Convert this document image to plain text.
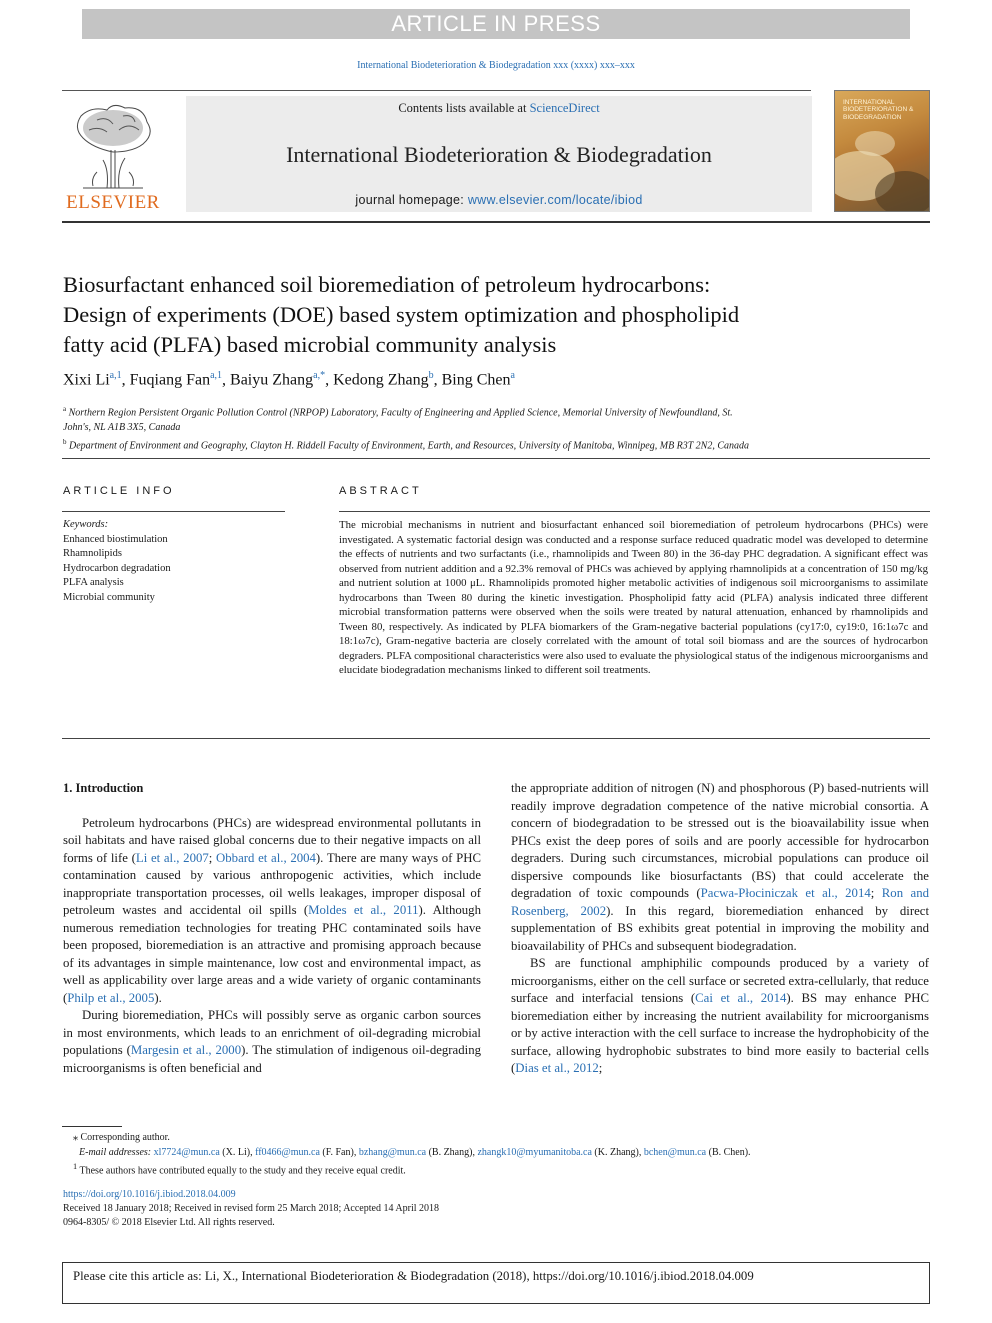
ARTICLE IN PRESS
International Biodeterioration & Biodegradation xxx (xxxx) xxx–xxx
ELSEVIER
Contents lists available at ScienceDirect
International Biodeterioration & Biodegradation
journal homepage: www.elsevier.com/locate/ibiod
INTERNATIONAL BIODETERIORATION & BIODEGRADATION
Biosurfactant enhanced soil bioremediation of petroleum hydrocarbons:
Design of experiments (DOE) based system optimization and phospholipid
fatty acid (PLFA) based microbial community analysis
Xixi Li$^{a,1}$, Fuqiang Fan$^{a,1}$, Baiyu Zhang$^{a,*}$, Kedong Zhang$^b$, Bing Chen$^a$
$^a$ Northern Region Persistent Organic Pollution Control (NRPOP) Laboratory, Faculty of Engineering and Applied Science, Memorial University of Newfoundland, St.
John's, NL A1B 3X5, Canada
$^b$ Department of Environment and Geography, Clayton H. Riddell Faculty of Environment, Earth, and Resources, University of Manitoba, Winnipeg, MB R3T 2N2, Canada
ARTICLE INFO	ABSTRACT
Keywords:
Enhanced biostimulation
Rhamnolipids
Hydrocarbon degradation
PLFA analysis
Microbial community
The microbial mechanisms in nutrient and biosurfactant enhanced soil bioremediation of petroleum hydrocarbons (PHCs) were investigated. A systematic factorial design was conducted and a response surface reduced quadratic model was developed to determine the effects of nutrients and two surfactants (i.e., rhamnolipids and Tween 80) in the 36-day PHC degradation. A significant effect was observed from nutrient addition and a 92.3% removal of PHCs was achieved by applying rhamnolipids at a concentration of 150 mg/kg and nutrient solution at 1000 μL. Rhamnolipids promoted higher metabolic activities of indigenous soil microorganisms to assimilate hydrocarbons than Tween 80 during the kinetic investigation. Phospholipid fatty acid (PLFA) analysis indicated three different microbial transformation patterns were observed when the soils were treated by natural attenuation, enhanced by rhamnolipids and Tween 80, respectively. As indicated by PLFA biomarkers of the Gram-negative bacterial populations (cy17:0, cy19:0, 16:1ω7c and 18:1ω7c), Gram-negative bacteria are closely correlated with the amount of total soil biomass and are the sources of hydrocarbon degraders. PLFA compositional characteristics were also used to evaluate the physiological status of the indigenous microorganisms and elucidate biodegradation mechanisms linked to different soil treatments.
1. Introduction

Petroleum hydrocarbons (PHCs) are widespread environmental pollutants in soil habitats and have raised global concerns due to their negative impacts on all forms of life (Li et al., 2007; Obbard et al., 2004). There are many ways of PHC contamination caused by various anthropogenic activities, which include inappropriate transportation processes, oil wells leakages, improper disposal of petroleum wastes and accidental oil spills (Moldes et al., 2011). Although numerous remediation technologies for treating PHC contaminated soils have been proposed, bioremediation is an attractive and promising approach because of its advantages in simple maintenance, low cost and environmental impact, as well as applicability over large areas and a wide variety of organic contaminants (Philp et al., 2005).

During bioremediation, PHCs will possibly serve as organic carbon sources in most environments, which leads to an enrichment of oil-degrading microbial populations (Margesin et al., 2000). The stimulation of indigenous oil-degrading microorganisms is often beneficial and

the appropriate addition of nitrogen (N) and phosphorous (P) based-nutrients will readily improve degradation competence of the native microbial consortia. A concern of biodegradation to be stressed out is the bioavailability issue when PHCs exist the deep pores of soils and are poorly accessible for hydrocarbon degraders. During such circumstances, microbial populations can produce oil dispersive compounds like biosurfactants (BS) that could accelerate the degradation of toxic compounds (Pacwa-Płociniczak et al., 2014; Ron and Rosenberg, 2002). In this regard, bioremediation enhanced by direct supplementation of BS exhibits great potential in improving the mobility and bioavailability of PHCs and subsequent biodegradation.

BS are functional amphiphilic compounds produced by a variety of microorganisms, either on the cell surface or secreted extra-cellularly, that reduce surface and interfacial tensions (Cai et al., 2014). BS may enhance PHC bioremediation either by increasing the nutrient availability for microorganisms or by active interaction with the cell surface to increase the hydrophobicity of the surface, allowing hydrophobic substrates to bind more easily to bacterial cells (Dias et al., 2012;

⁎ Corresponding author.
E-mail addresses: xl7724@mun.ca (X. Li), ff0466@mun.ca (F. Fan), bzhang@mun.ca (B. Zhang), zhangk10@myumanitoba.ca (K. Zhang), bchen@mun.ca (B. Chen).
$^1$ These authors have contributed equally to the study and they receive equal credit.
https://doi.org/10.1016/j.ibiod.2018.04.009
Received 18 January 2018; Received in revised form 25 March 2018; Accepted 14 April 2018
0964-8305/ © 2018 Elsevier Ltd. All rights reserved.
Please cite this article as: Li, X., International Biodeterioration & Biodegradation (2018), https://doi.org/10.1016/j.ibiod.2018.04.009
